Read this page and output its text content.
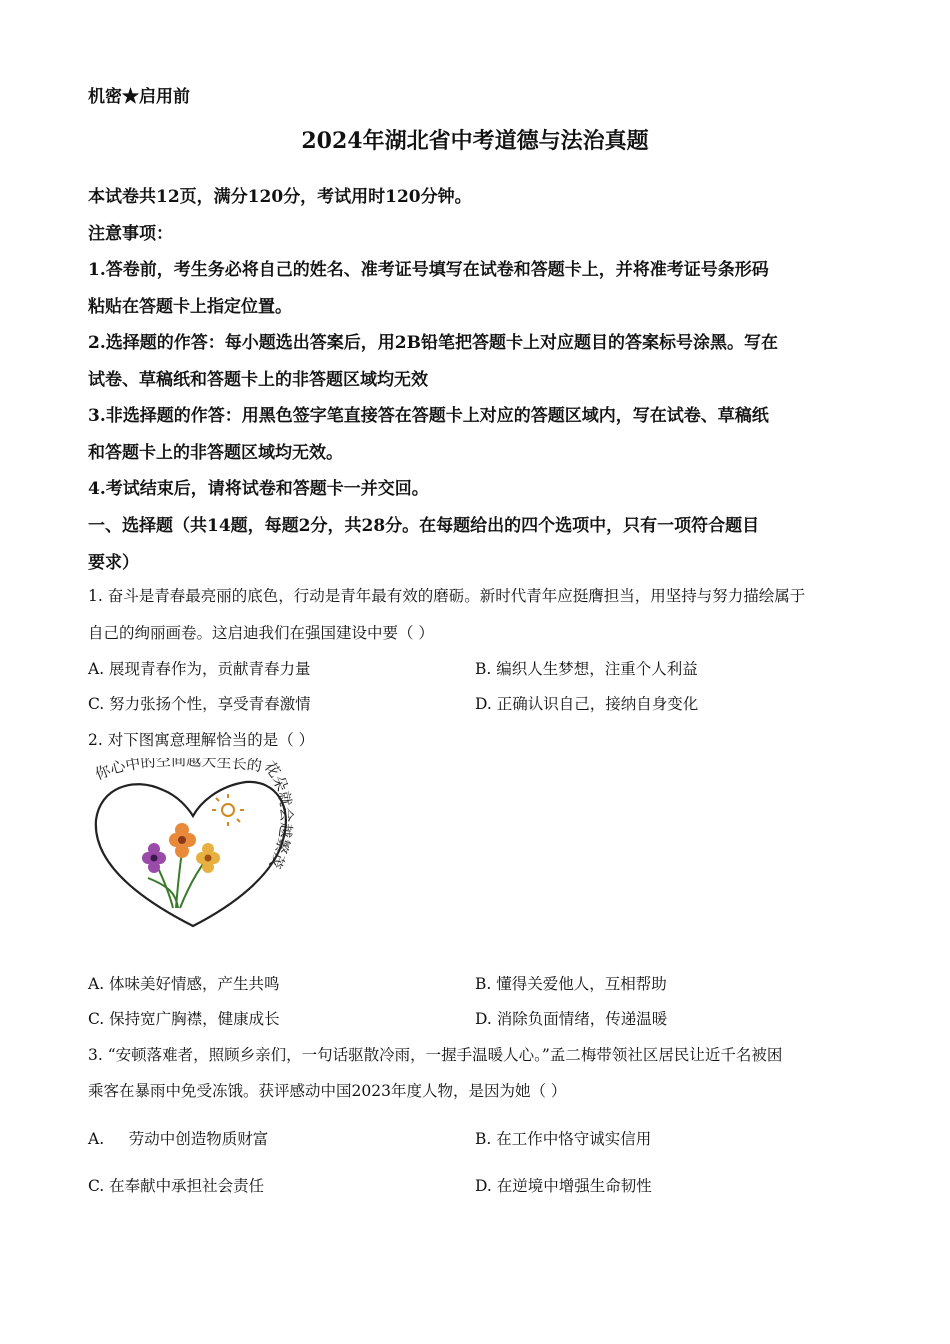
机密★启用前
2024年湖北省中考道德与法治真题
本试卷共12页，满分120分，考试用时120分钟。
注意事项：
1.答卷前，考生务必将自己的姓名、准考证号填写在试卷和答题卡上，并将准考证号条形码
粘贴在答题卡上指定位置。
2.选择题的作答：每小题选出答案后，用2B铅笔把答题卡上对应题目的答案标号涂黑。写在
试卷、草稿纸和答题卡上的非答题区域均无效
3.非选择题的作答：用黑色签字笔直接答在答题卡上对应的答题区域内，写在试卷、草稿纸
和答题卡上的非答题区域均无效。
4.考试结束后，请将试卷和答题卡一并交回。
一、选择题（共14题，每题2分，共28分。在每题给出的四个选项中，只有一项符合题目
要求）
1. 奋斗是青春最亮丽的底色，行动是青年最有效的磨砺。新时代青年应挺膺担当，用坚持与努力描绘属于
自己的绚丽画卷。这启迪我们在强国建设中要（ ）
A. 展现青春作为，贡献青春力量	B. 编织人生梦想，注重个人利益
C. 努力张扬个性，享受青春激情	D. 正确认识自己，接纳自身变化
2. 对下图寓意理解恰当的是（ ）
你心中的空间越大生长的花朵就会越繁茂
A. 体味美好情感，产生共鸣	B. 懂得关爱他人，互相帮助
C. 保持宽广胸襟，健康成长	D. 消除负面情绪，传递温暖
3. “安顿落难者，照顾乡亲们，一句话驱散冷雨，一握手温暖人心。”孟二梅带领社区居民让近千名被困
乘客在暴雨中免受冻饿。获评感动中国2023年度人物，是因为她（ ）
A.     劳动中创造物质财富	B. 在工作中恪守诚实信用
C. 在奉献中承担社会责任	D. 在逆境中增强生命韧性
